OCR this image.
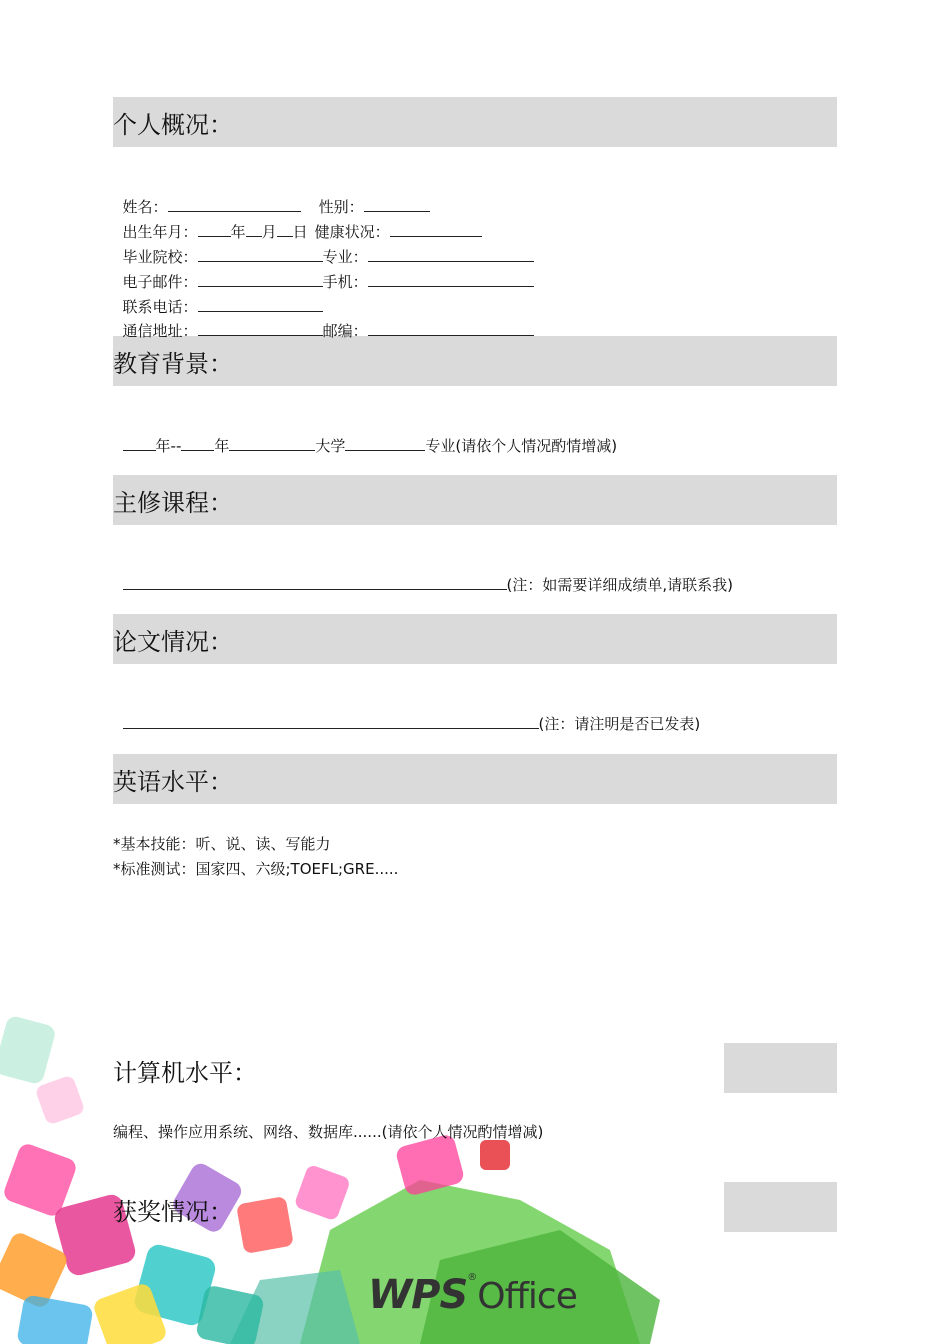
个人概况：

姓名：	性别：

出生年月： 年 月 日 健康状况：

毕业院校：	专业：

电子邮件：	手机：

联系电话：

通信地址：	邮编：

教育背景：

年-- 年	大学	专业(请依个人情况酌情增减)

主修课程：

(注：如需要详细成绩单,请联系我)

论文情况：

(注：请注明是否已发表)

英语水平：
*基本技能：听、说、读、写能力
*标准测试：国家四、六级;TOEFL;GRE.....
计算机水平：
编程、操作应用系统、网络、数据库......(请依个人情况酌情增减)
获奖情况：
WPS®Office
